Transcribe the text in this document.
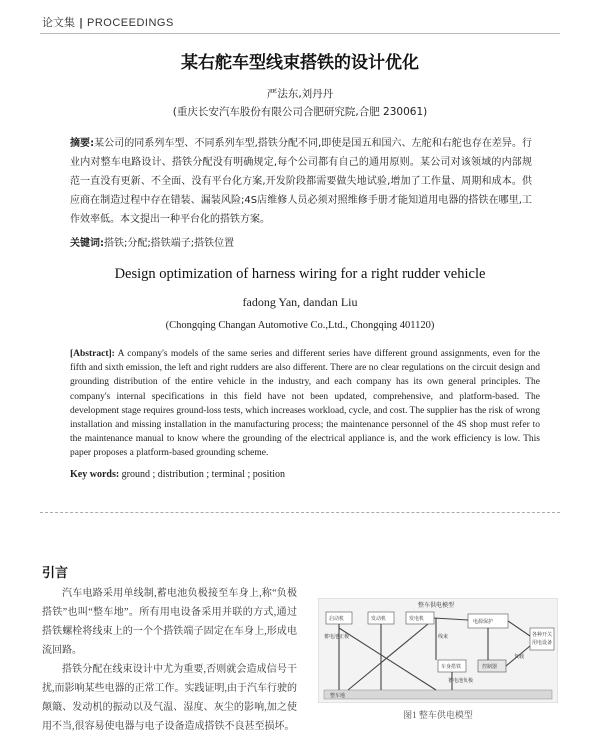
论文集 | PROCEEDINGS
某右舵车型线束搭铁的设计优化
严法东,刘丹丹
(重庆长安汽车股份有限公司合肥研究院,合肥 230061)
摘要:某公司的同系列车型、不同系列车型,搭铁分配不同,即使是国五和国六、左舵和右舵也存在差异。行业内对整车电路设计、搭铁分配没有明确规定,每个公司都有自己的通用原则。某公司对该领域的内部规范一直没有更新、不全面、没有平台化方案,开发阶段都需要做失地试验,增加了工作量、周期和成本。供应商在制造过程中存在错装、漏装风险;4S店维修人员必须对照维修手册才能知道用电器的搭铁在哪里,工作效率低。本文提出一种平台化的搭铁方案。
关键词:搭铁;分配;搭铁端子;搭铁位置
Design optimization of harness wiring for a right rudder vehicle
fadong Yan, dandan Liu
(Chongqing Changan Automotive Co.,Ltd., Chongqing 401120)
[Abstract]: A company's models of the same series and different series have different ground assignments, even for the fifth and sixth emission, the left and right rudders are also different. There are no clear regulations on the circuit design and grounding distribution of the entire vehicle in the industry, and each company has its own general principles. The company's internal specifications in this field have not been updated, comprehensive, and platform-based. The development stage requires ground-loss tests, which increases workload, cycle, and cost. The supplier has the risk of wrong installation and missing installation in the manufacturing process; the maintenance personnel of the 4S shop must refer to the maintenance manual to know where the grounding of the electrical appliance is, and the work efficiency is low. This paper proposes a platform-based grounding scheme.
Key words: ground ; distribution ; terminal ; position
引言

汽车电路采用单线制,蓄电池负极接至车身上,称“负极搭铁”也叫“整车地”。所有用电设备采用并联的方式,通过搭铁螺栓将线束上的一个个搭铁端子固定在车身上,形成电流回路。

搭铁分配在线束设计中尤为重要,否则就会造成信号干扰,而影响某些电器的正常工作。实践证明,由于汽车行驶的颠簸、发动机的振动以及气温、湿度、灰尘的影响,加之使用不当,很容易使电器与电子设备造成搭铁不良甚至损坏。

整车供电模型
启动机	发动机	发电机	电源保护
各种开关
用电设备
蓄电池正极	线束
负载
车身搭铁	控制器
蓄电池负极
整车地
图1 整车供电模型
